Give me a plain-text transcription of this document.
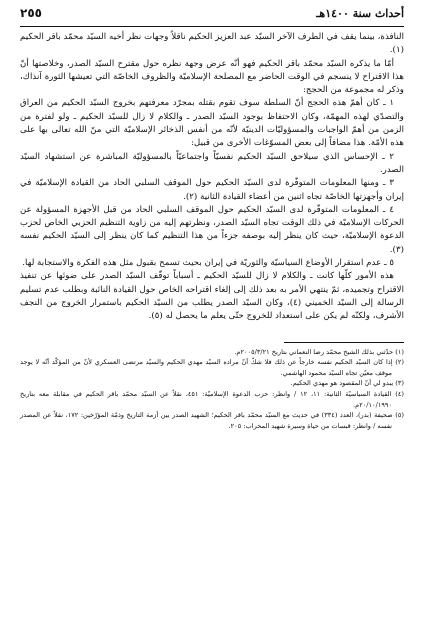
أحداث سنة ١٤٠٠هـ
٢٥٥

النافذة، بينما يقف في الطرف الآخر السيّد عبد العزيز الحكيم ناقلاً وجهات نظر أخيه السيّد محمّد باقر الحكيم (١).

أمّا ما يذكره السيّد محمّد باقر الحكيم فهو أنّه عرض وجهة نظره حول مقترح السيّد الصدر، وخلاصتها أنّ هذا الاقتراح لا ينسجم في الوقت الحاضر مع المصلحة الإسلاميّة والظروف الخاصّة التي تعيشها الثورة آنذاك، وذكر له مجموعة من الحجج:

١ ـ كان أهمّ هذه الحجج أنّ السلطة سوف تقوم بقتله بمجرّد معرفتهم بخروج السيّد الحكيم من العراق والتصدّي لهذه المهمّة، وكان الاحتفاظ بوجود السيّد الصدر ـ والكلام لا زال للسيّد الحكيم ـ ولو لفترة من الزمن من أهمّ الواجبات والمسؤوليّات الدينيّة لأنّه من أنفس الذخائر الإسلاميّة التي منّ الله تعالى بها على هذه الأمّة. هذا مضافاً إلى بعض المسوّغات الأخرى من قبيل:

٢ ـ الإحساس الذي سيلاحق السيّد الحكيم نفسيّاً واجتماعيّاً بالمسؤوليّة المباشرة عن استشهاد السيّد الصدر.

٣ ـ ومنها المعلومات المتوفّرة لدى السيّد الحكيم حول الموقف السلبي الحاد من القيادة الإسلاميّة في إيران وأجهزتها الخاصّة تجاه اثنين من أعضاء القيادة الثانية (٢).

٤ ـ المعلومات المتوفّرة لدى السيّد الحكيم حول الموقف السلبي الحاد من قبل الأجهزة المسؤولة عن الحركات الإسلاميّة في ذلك الوقت تجاه السيّد الصدر، ونظرتهم إليه من زاوية التنظيم الحزبي الخاص لحزب الدعوة الإسلاميّة، حيث كان ينظر إليه بوصفه جزءاً من هذا التنظيم كما كان ينظر إلى السيّد الحكيم نفسه (٣).

٥ ـ عدم استقرار الأوضاع السياسيّة والثوريّة في إيران بحيث تسمح بقبول مثل هذه الفكرة والاستجابة لها.

هذه الأمور كلّها كانت ـ والكلام لا زال للسيّد الحكيم ـ أسباباً توقّف السيّد الصدر على ضوئها عن تنفيذ الاقتراح وتجميده، ثمّ ينتهي الأمر به بعد ذلك إلى إلغاء اقتراحه الخاص حول القيادة النائبة وبطلب عدم تسليم الرسالة إلى السيّد الخميني (٤)، وكان السيّد الصدر يطلب من السيّد الحكيم باستمرار الخروج من النجف الأشرف، ولكنّه لم يكن على استعداد للخروج حتّى يعلم ما يحصل له (٥).

(١) حدّثني بذلك الشيخ محمّد رضا النعماني بتاريخ ٢٠٠٥/٣/٢١م.

(٢) إذا كان السيّد الحكيم نفسه خارجاً عن ذلك فلا شكّ أنّ مراده السيّد مهدي الحكيم والسيّد مرتضى العسكري لأنّ من المؤكّد أنّه لا يوجد موقف معيّن تجاه السيّد محمود الهاشمي.

(٣) يبدو لي أنّ المقصود هو مهدي الحكيم.

(٤) القيادة السياسيّة الثانية: ١١، ١٢ / وانظر: حزب الدعوة الإسلاميّة: ٤٥١، نقلاً عن السيّد محمّد باقر الحكيم في مقابلة معه بتاريخ ٢٠/١٠/١٩٩٠م.

(٥) صحيفة (بدر)، العدد (٣٣٤) في حديث مع السيّد محمّد باقر الحكيم؛ الشهيد الصدر بين أزمة التاريخ وذمّة المؤرّخين: ١٧٢، نقلاً عن المصدر نفسه / وانظر: قبسات من حياة وسيرة شهيد المحراب: ٢٠٥.
